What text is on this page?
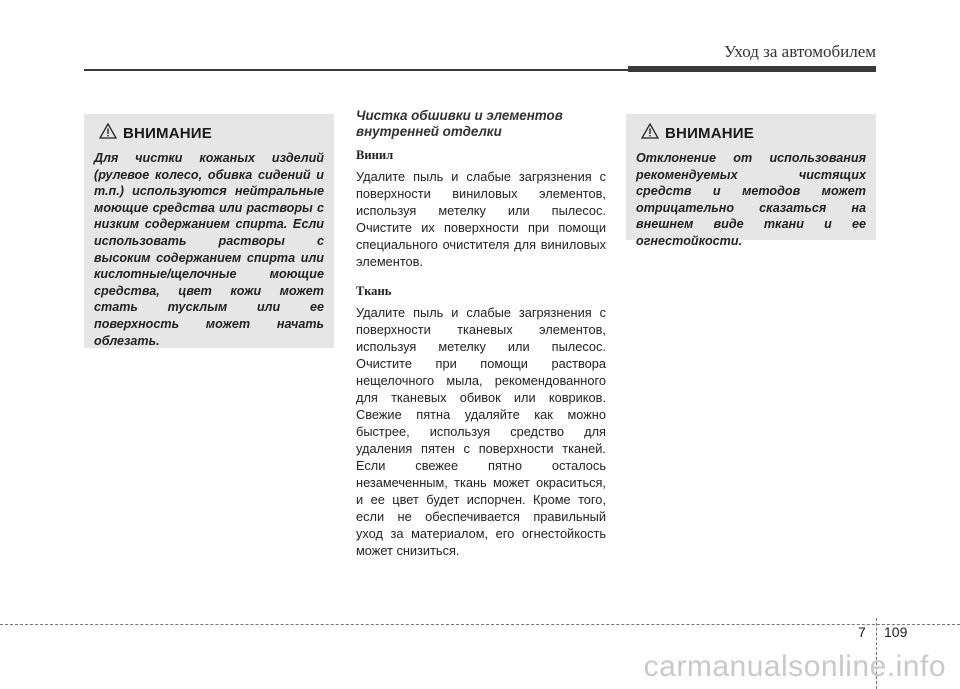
Уход за автомобилем
ВНИМАНИЕ
Для чистки кожаных изделий (рулевое колесо, обивка сидений и т.п.) используются нейтральные моющие средства или растворы с низким содержанием спирта. Если использовать растворы с высоким содержанием спирта или кислотные/щелочные моющие средства, цвет кожи может стать тусклым или ее поверхность может начать облезать.
Чистка обшивки и элементов внутренней отделки
Винил
Удалите пыль и слабые загрязнения с поверхности виниловых элементов, используя метелку или пылесос. Очистите их поверхности при помощи специального очистителя для виниловых элементов.
Ткань
Удалите пыль и слабые загрязнения с поверхности тканевых элементов, используя метелку или пылесос. Очистите при помощи раствора нещелочного мыла, рекомендованного для тканевых обивок или ковриков. Свежие пятна удаляйте как можно быстрее, используя средство для удаления пятен с поверхности тканей. Если свежее пятно осталось незамеченным, ткань может окраситься, и ее цвет будет испорчен. Кроме того, если не обеспечивается правильный уход за материалом, его огнестойкость может снизиться.
ВНИМАНИЕ
Отклонение от использования рекомендуемых чистящих средств и методов может отрицательно сказаться на внешнем виде ткани и ее огнестойкости.
7 109
carmanualsonline.info
